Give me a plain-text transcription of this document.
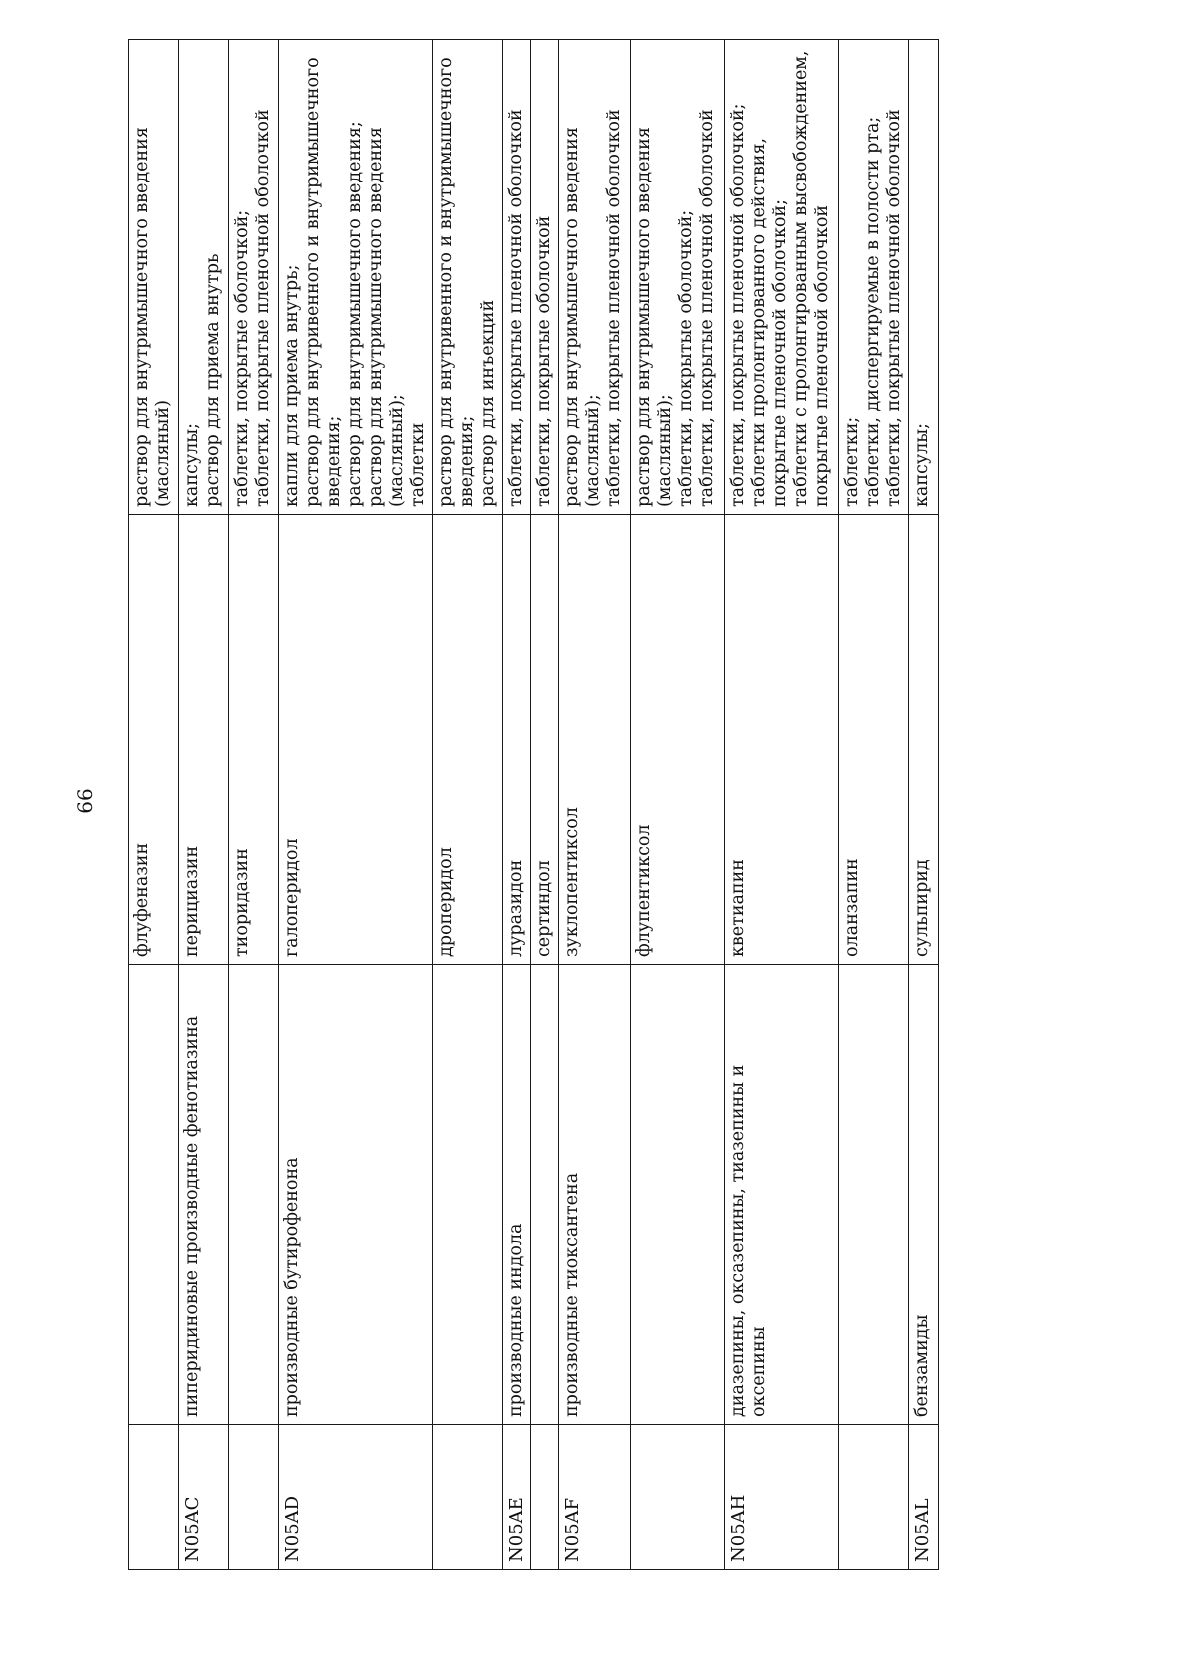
66
		флуфеназин	раствор для внутримышечного введения (масляный)

N05AC	пиперидиновые производные фенотиазина	перициазин	капсулы; раствор для приема внутрь

		тиоридазин	таблетки, покрытые оболочкой; таблетки, покрытые пленочной оболочкой

N05AD	производные бутирофенона	галоперидол	капли для приема внутрь; раствор для внутривенного и внутримышечного введения; раствор для внутримышечного введения; раствор для внутримышечного введения (масляный); таблетки

		дроперидол	раствор для внутривенного и внутримышечного введения; раствор для инъекций

N05AE	производные индола	луразидон	таблетки, покрытые пленочной оболочкой

		сертиндол	таблетки, покрытые оболочкой

N05AF	производные тиоксантена	зуклопентиксол	раствор для внутримышечного введения (масляный); таблетки, покрытые пленочной оболочкой

		флупентиксол	раствор для внутримышечного введения (масляный); таблетки, покрытые оболочкой; таблетки, покрытые пленочной оболочкой

N05AH	диазепины, оксазепины, тиазепины и оксепины	кветиапин	таблетки, покрытые пленочной оболочкой; таблетки пролонгированного действия, покрытые пленочной оболочкой; таблетки с пролонгированным высвобождением, покрытые пленочной оболочкой

		оланзапин	таблетки; таблетки, диспергируемые в полости рта; таблетки, покрытые пленочной оболочкой

N05AL	бензамиды	сульпирид	капсулы;
